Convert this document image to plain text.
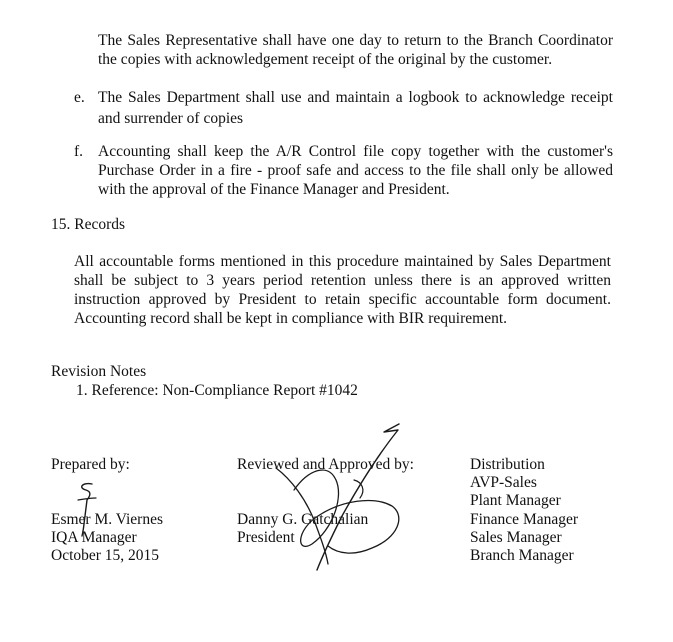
The Sales Representative shall have one day to return to the Branch Coordinator
the copies with acknowledgement receipt of the original by the customer.
e. The Sales Department shall use and maintain a logbook to acknowledge receipt
and surrender of copies
f. Accounting shall keep the A/R Control file copy together with the customer's
Purchase Order in a fire - proof safe and access to the file shall only be allowed
with the approval of the Finance Manager and President.
15. Records
All accountable forms mentioned in this procedure maintained by Sales Department
shall be subject to 3 years period retention unless there is an approved written
instruction approved by President to retain specific accountable form document.
Accounting record shall be kept in compliance with BIR requirement.
Revision Notes
1. Reference: Non-Compliance Report #1042
Prepared by:
Esmer M. Viernes
IQA Manager
October 15, 2015
Reviewed and Approved by:
Danny G. Gatchalian
President
Distribution
AVP-Sales
Plant Manager
Finance Manager
Sales Manager
Branch Manager
